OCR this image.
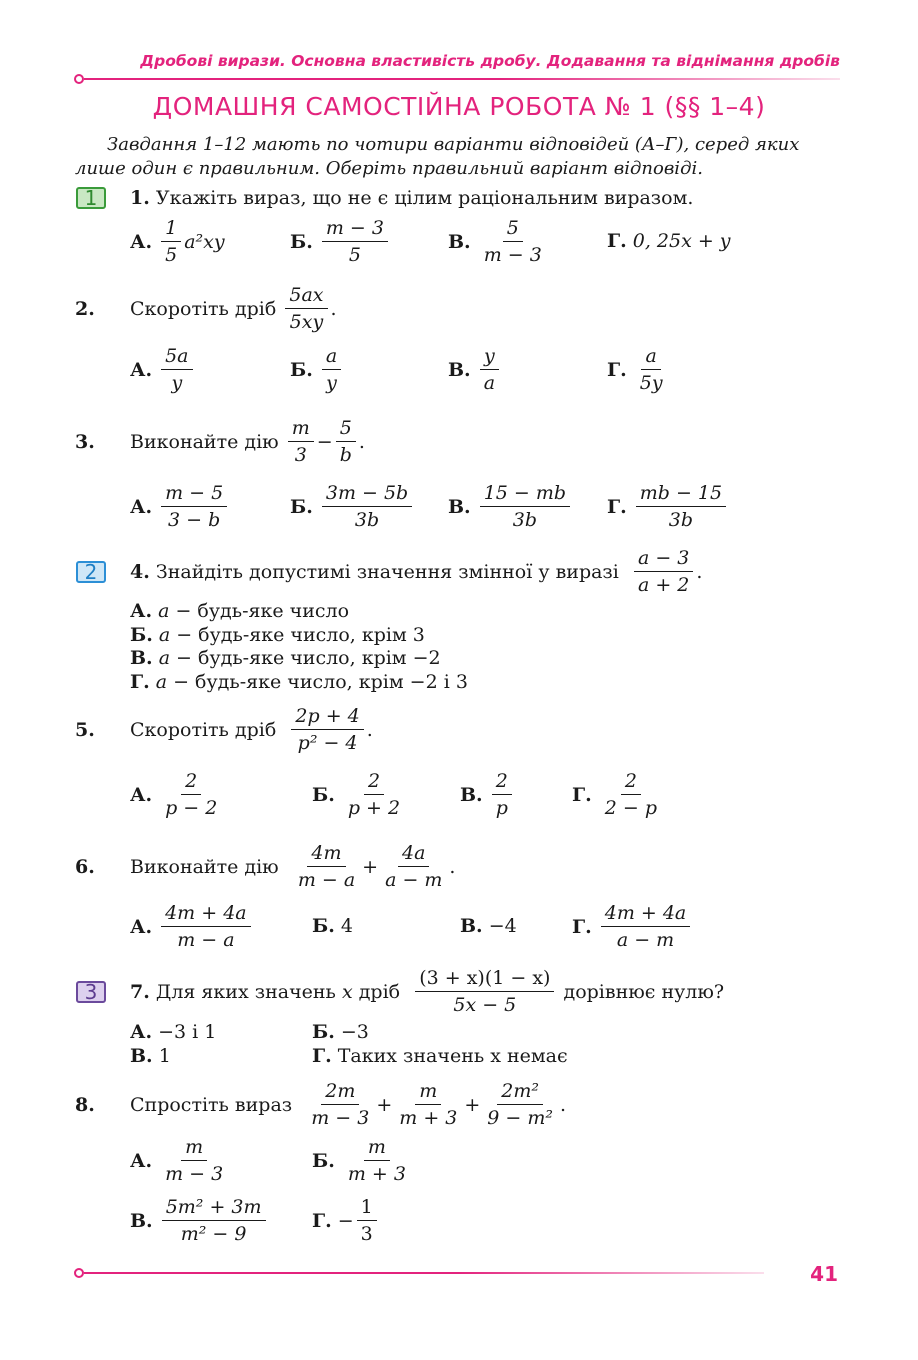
Дробові вирази. Основна властивість дробу. Додавання та віднімання дробів
ДОМАШНЯ САМОСТІЙНА РОБОТА № 1 (§§ 1–4)
Завдання 1–12 мають по чотири варіанти відповідей (А–Г), серед яких лише один є правильним. Оберіть правильний варіант відповіді.
1
2
3
1.
Укажіть вираз, що не є цілим раціональним виразом.
А. $\frac{1}{5} a^2xy$	Б. $\frac{m - 3}{5}$	В. $\frac{5}{m - 3}$	Г. 0, 25x + y
2.	Скоротіть дріб
$\frac{5ax}{5xy}$ .
А. $\frac{5a}{y}$	Б. $\frac{a}{y}$	В. $\frac{y}{a}$	Г. $\frac{a}{5y}$
3.	Виконайте дію
$\frac{m}{3} - \frac{5}{b}$ .
А. $\frac{m - 5}{3 - b}$	Б. $\frac{3m - 5b}{3b} В$. $\frac{15 - mb}{3b} Г$. $\frac{mb - 15}{3b}$
4.
Знайдіть допустимі значення змінної у виразі
$\frac{a - 3}{a + 2}$ .
А. a − будь-яке число
Б. a − будь-яке число, крім 3
В. a − будь-яке число, крім −2
Г. a − будь-яке число, крім −2 і 3
5.	Скоротіть дріб
$\frac{2p + 4}{\text{p² − 4}}$ .
А. $\frac{2}{p - 2}$	Б. $\frac{2}{p + 2}$	В. $\frac{2}{p}$	Г. $\frac{2}{2 - p}$
6.	Виконайте дію
$\frac{4m}{m - a} + \frac{4a}{a - m}$ .
А. $\frac{4m + 4a}{m - a}$	Б. 4	В. −4	Г. $\frac{4m + 4a}{a - m}$
7.
Для яких значень
x
дріб
$\frac{(3 + x)(1 - x)}{5x - 5}$
дорівнює нулю?
А. −3 і 1	Б. −3
В. 1	Г. Таких значень x немає
8.	Спростіть вираз
$\frac{2m}{m - 3} + \frac{m}{m + 3} + \frac{\text{2m²}}{\text{9 − m²}}$ .
А. $\frac{m}{m - 3}$	Б. $\frac{m}{m + 3}$
В. $\frac{\text{5m² + 3m}}{\text{m² − 9}} Г$. − $\frac{1}{3}$
41
